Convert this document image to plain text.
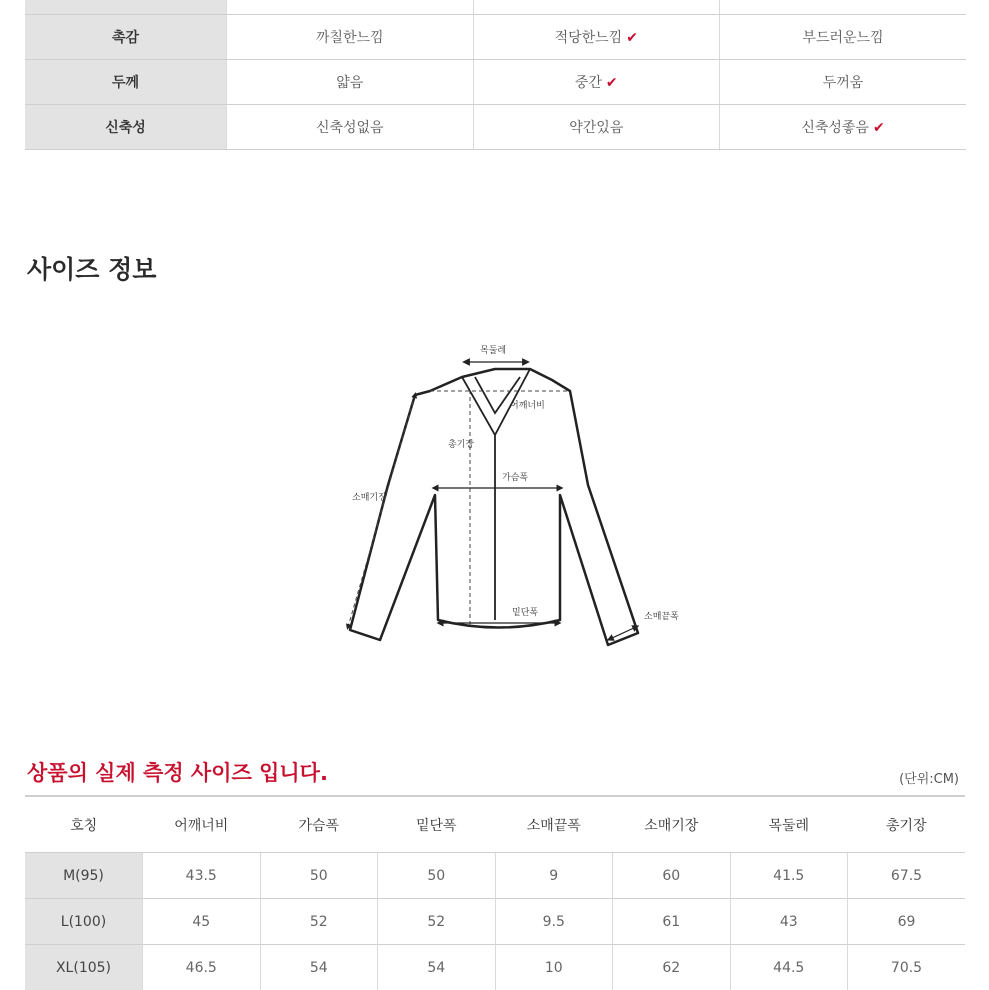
촉감	까칠한느낌	적당한느낌 ✔	부드러운느낌
두께	얇음	중간 ✔	두꺼움
신축성	신축성없음	약간있음	신축성좋음 ✔
사이즈 정보
목둘레
어깨너비
총기장
가슴폭
소매기장
밑단폭	소매끝폭
상품의 실제 측정 사이즈 입니다.	(단위:CM)
호칭	어깨너비	가슴폭	밑단폭	소매끝폭	소매기장	목둘레	총기장
M(95)	43.5	50	50	9	60	41.5	67.5
L(100)	45	52	52	9.5	61	43	69
XL(105)	46.5	54	54	10	62	44.5	70.5
